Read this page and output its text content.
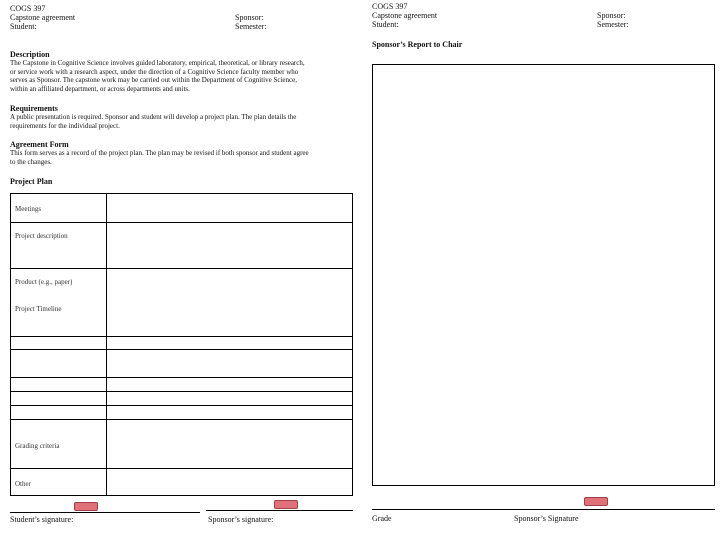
COGS 397
Capstone agreement
Student:
Sponsor:
Semester:
Description
The Capstone in Cognitive Science involves guided laboratory, empirical, theoretical, or library research,
or service work with a research aspect, under the direction of a Cognitive Science faculty member who
serves as Sponsor. The capstone work may be carried out within the Department of Cognitive Science,
within an affiliated department, or across departments and units.
Requirements
A public presentation is required. Sponsor and student will develop a project plan. The plan details the
requirements for the individual project.
Agreement Form
This form serves as a record of the project plan. The plan may be revised if both sponsor and student agree
to the changes.
Project Plan
Meetings
Project description
Product (e.g., paper)
Project Timeline
Grading criteria
Other
Student’s signature:	Sponsor’s signature:
COGS 397
Capstone agreement
Student:
Sponsor:
Semester:
Sponsor’s Report to Chair
Grade	Sponsor’s Signature
